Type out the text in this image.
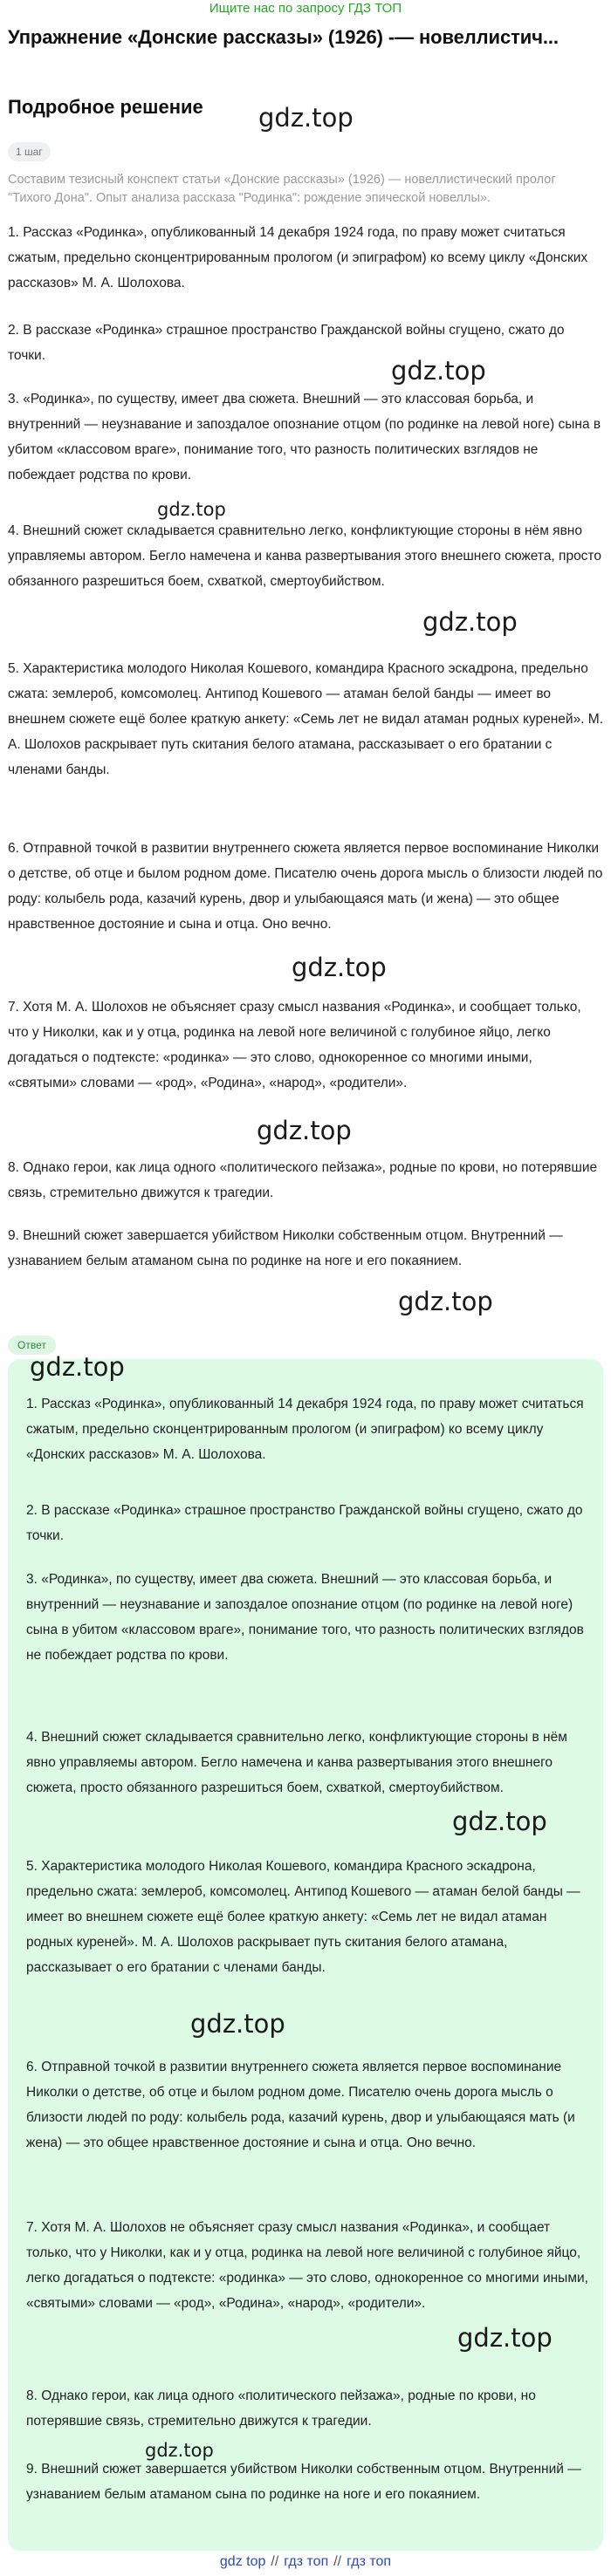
Ищите нас по запросу ГДЗ ТОП
Упражнение «Донские рассказы» (1926) -— новеллистич...
Подробное решение
1 шаг
Составим тезисный конспект статьи «Донские рассказы» (1926) — новеллистический пролог "Тихого Дона". Опыт анализа рассказа "Родинка": рождение эпической новеллы».
1. Рассказ «Родинка», опубликованный 14 декабря 1924 года, по праву может считаться сжатым, предельно сконцентрированным прологом (и эпиграфом) ко всему циклу «Донских рассказов» М. А. Шолохова.
2. В рассказе «Родинка» страшное пространство Гражданской войны сгущено, сжато до точки.
3. «Родинка», по существу, имеет два сюжета. Внешний — это классовая борьба, и внутренний — неузнавание и запоздалое опознание отцом (по родинке на левой ноге) сына в убитом «классовом враге», понимание того, что разность политических взглядов не побеждает родства по крови.
4. Внешний сюжет складывается сравнительно легко, конфликтующие стороны в нём явно управляемы автором. Бегло намечена и канва развертывания этого внешнего сюжета, просто обязанного разрешиться боем, схваткой, смертоубийством.
5. Характеристика молодого Николая Кошевого, командира Красного эскадрона, предельно сжата: землероб, комсомолец. Антипод Кошевого — атаман белой банды — имеет во внешнем сюжете ещё более краткую анкету: «Семь лет не видал атаман родных куреней». М. А. Шолохов раскрывает путь скитания белого атамана, рассказывает о его братании с членами банды.
6. Отправной точкой в развитии внутреннего сюжета является первое воспоминание Николки о детстве, об отце и былом родном доме. Писателю очень дорога мысль о близости людей по роду: колыбель рода, казачий курень, двор и улыбающаяся мать (и жена) — это общее нравственное достояние и сына и отца. Оно вечно.
7. Хотя М. А. Шолохов не объясняет сразу смысл названия «Родинка», и сообщает только, что у Николки, как и у отца, родинка на левой ноге величиной с голубиное яйцо, легко догадаться о подтексте: «родинка» — это слово, однокоренное со многими иными, «святыми» словами — «род», «Родина», «народ», «родители».
8. Однако герои, как лица одного «политического пейзажа», родные по крови, но потерявшие связь, стремительно движутся к трагедии.
9. Внешний сюжет завершается убийством Николки собственным отцом. Внутренний — узнаванием белым атаманом сына по родинке на ноге и его покаянием.
Ответ
1. Рассказ «Родинка», опубликованный 14 декабря 1924 года, по праву может считаться сжатым, предельно сконцентрированным прологом (и эпиграфом) ко всему циклу «Донских рассказов» М. А. Шолохова.
2. В рассказе «Родинка» страшное пространство Гражданской войны сгущено, сжато до точки.
3. «Родинка», по существу, имеет два сюжета. Внешний — это классовая борьба, и внутренний — неузнавание и запоздалое опознание отцом (по родинке на левой ноге) сына в убитом «классовом враге», понимание того, что разность политических взглядов не побеждает родства по крови.
4. Внешний сюжет складывается сравнительно легко, конфликтующие стороны в нём явно управляемы автором. Бегло намечена и канва развертывания этого внешнего сюжета, просто обязанного разрешиться боем, схваткой, смертоубийством.
5. Характеристика молодого Николая Кошевого, командира Красного эскадрона, предельно сжата: землероб, комсомолец. Антипод Кошевого — атаман белой банды — имеет во внешнем сюжете ещё более краткую анкету: «Семь лет не видал атаман родных куреней». М. А. Шолохов раскрывает путь скитания белого атамана, рассказывает о его братании с членами банды.
6. Отправной точкой в развитии внутреннего сюжета является первое воспоминание Николки о детстве, об отце и былом родном доме. Писателю очень дорога мысль о близости людей по роду: колыбель рода, казачий курень, двор и улыбающаяся мать (и жена) — это общее нравственное достояние и сына и отца. Оно вечно.
7. Хотя М. А. Шолохов не объясняет сразу смысл названия «Родинка», и сообщает только, что у Николки, как и у отца, родинка на левой ноге величиной с голубиное яйцо, легко догадаться о подтексте: «родинка» — это слово, однокоренное со многими иными, «святыми» словами — «род», «Родина», «народ», «родители».
8. Однако герои, как лица одного «политического пейзажа», родные по крови, но потерявшие связь, стремительно движутся к трагедии.
9. Внешний сюжет завершается убийством Николки собственным отцом. Внутренний — узнаванием белым атаманом сына по родинке на ноге и его покаянием.
gdz.top
gdz.top
gdz.top
gdz.top
gdz.top
gdz.top
gdz.top
gdz.top
gdz.top
gdz.top
gdz.top
gdz.top
gdz top // гдз топ // гдз топ
